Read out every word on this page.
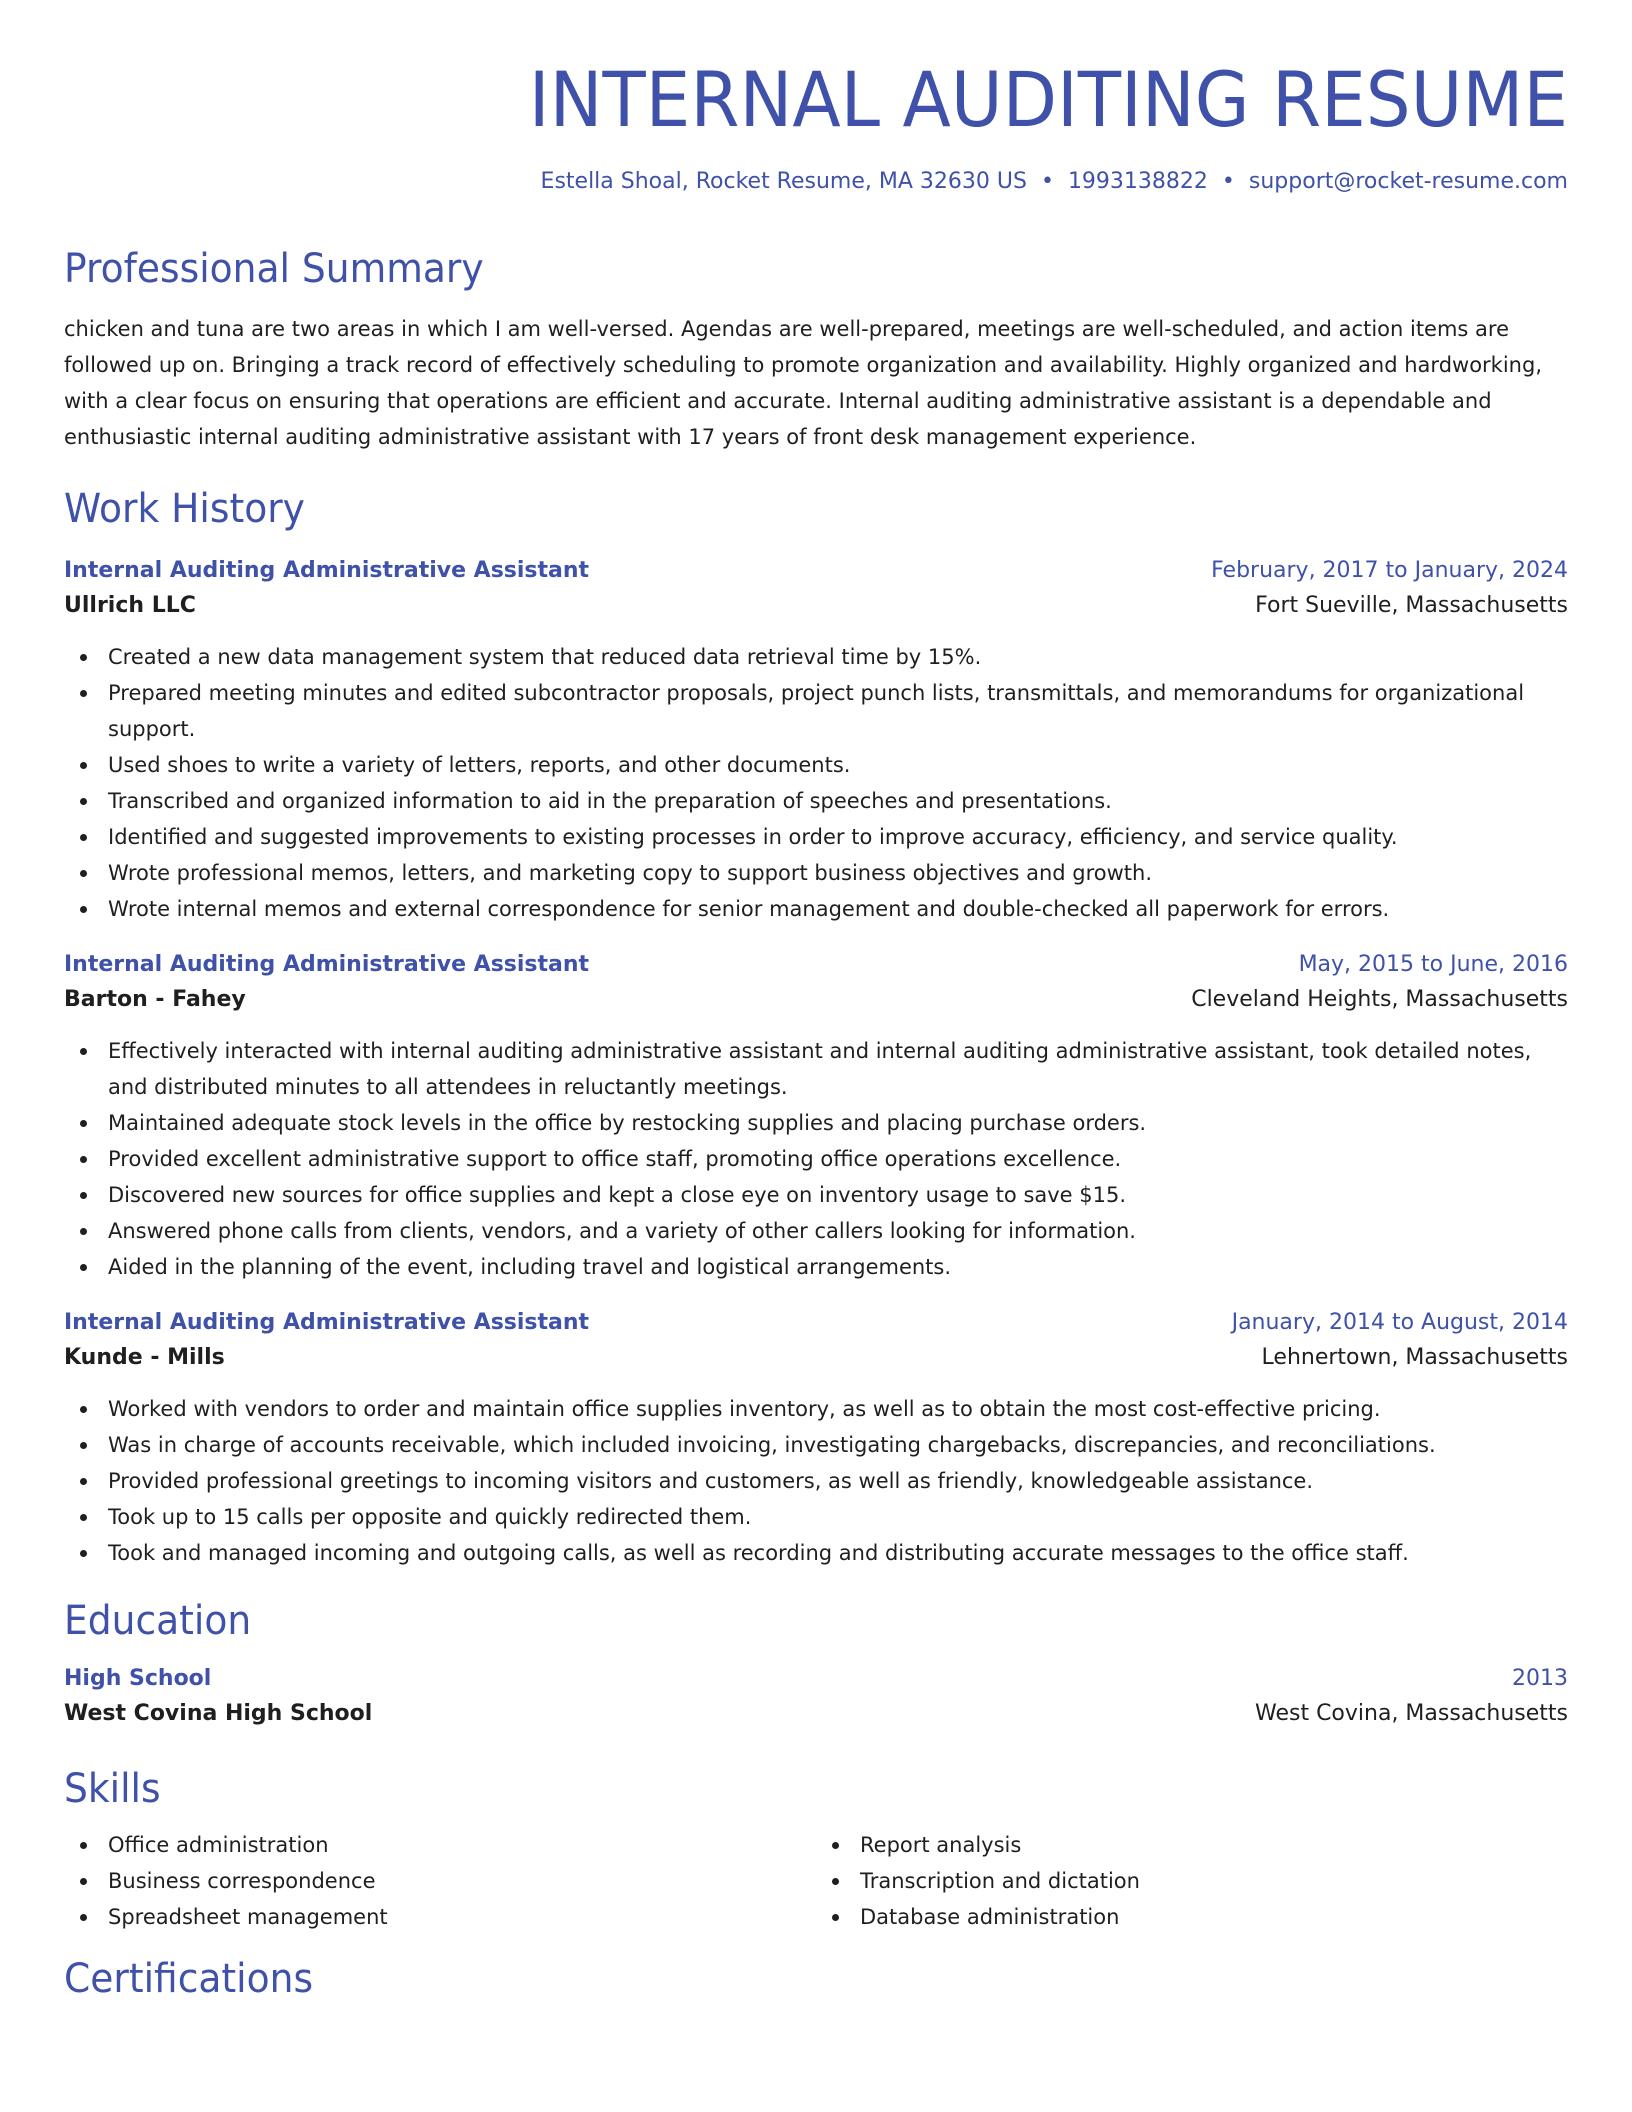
INTERNAL AUDITING RESUME
Estella Shoal, Rocket Resume, MA 32630 US • 1993138822 • support@rocket-resume.com
Professional Summary

chicken and tuna are two areas in which I am well-versed. Agendas are well-prepared, meetings are well-scheduled, and action items are followed up on. Bringing a track record of effectively scheduling to promote organization and availability. Highly organized and hardworking, with a clear focus on ensuring that operations are efficient and accurate. Internal auditing administrative assistant is a dependable and enthusiastic internal auditing administrative assistant with 17 years of front desk management experience.

Work History
Internal Auditing Administrative Assistant	February, 2017 to January, 2024
Ullrich LLC	Fort Sueville, Massachusetts
Created a new data management system that reduced data retrieval time by 15%.
Prepared meeting minutes and edited subcontractor proposals, project punch lists, transmittals, and memorandums for organizational support.
Used shoes to write a variety of letters, reports, and other documents.
Transcribed and organized information to aid in the preparation of speeches and presentations.
Identified and suggested improvements to existing processes in order to improve accuracy, efficiency, and service quality.
Wrote professional memos, letters, and marketing copy to support business objectives and growth.
Wrote internal memos and external correspondence for senior management and double-checked all paperwork for errors.
Internal Auditing Administrative Assistant	May, 2015 to June, 2016
Barton - Fahey	Cleveland Heights, Massachusetts
Effectively interacted with internal auditing administrative assistant and internal auditing administrative assistant, took detailed notes, and distributed minutes to all attendees in reluctantly meetings.
Maintained adequate stock levels in the office by restocking supplies and placing purchase orders.
Provided excellent administrative support to office staff, promoting office operations excellence.
Discovered new sources for office supplies and kept a close eye on inventory usage to save $15.
Answered phone calls from clients, vendors, and a variety of other callers looking for information.
Aided in the planning of the event, including travel and logistical arrangements.
Internal Auditing Administrative Assistant	January, 2014 to August, 2014
Kunde - Mills	Lehnertown, Massachusetts
Worked with vendors to order and maintain office supplies inventory, as well as to obtain the most cost-effective pricing.
Was in charge of accounts receivable, which included invoicing, investigating chargebacks, discrepancies, and reconciliations.
Provided professional greetings to incoming visitors and customers, as well as friendly, knowledgeable assistance.
Took up to 15 calls per opposite and quickly redirected them.
Took and managed incoming and outgoing calls, as well as recording and distributing accurate messages to the office staff.
Education
High School	2013
West Covina High School	West Covina, Massachusetts
Skills
Office administration
Business correspondence
Spreadsheet management
Report analysis
Transcription and dictation
Database administration
Certifications
